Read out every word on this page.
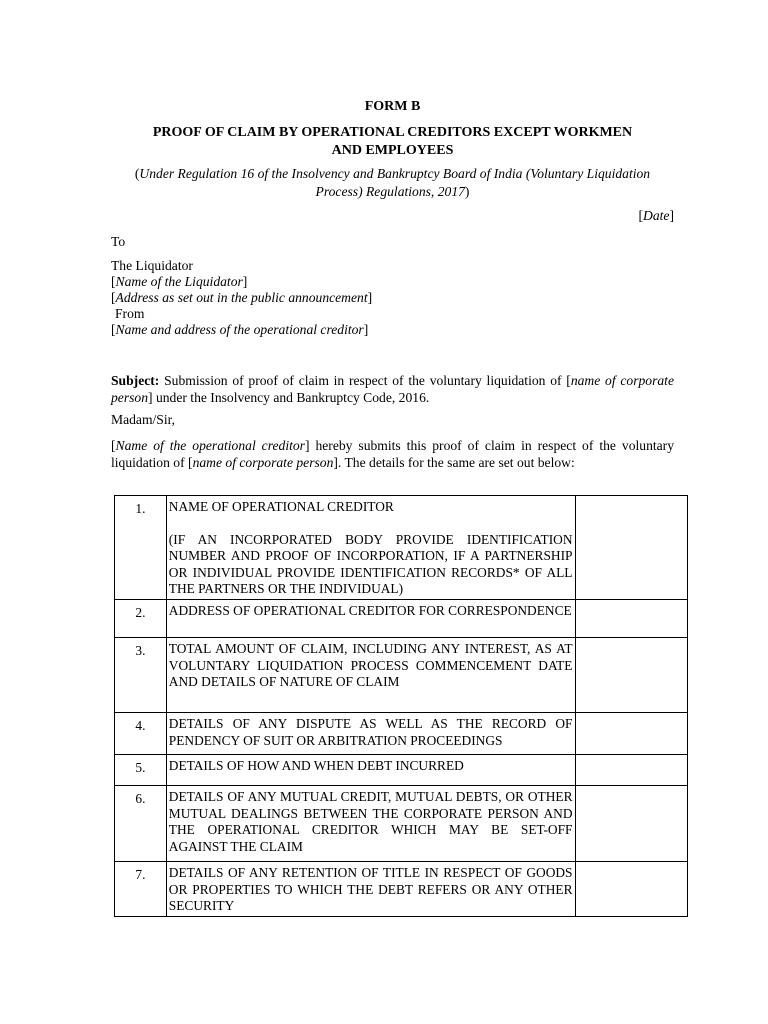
FORM B
PROOF OF CLAIM BY OPERATIONAL CREDITORS EXCEPT WORKMEN AND EMPLOYEES
(Under Regulation 16 of the Insolvency and Bankruptcy Board of India (Voluntary Liquidation Process) Regulations, 2017)
[Date]
To
The Liquidator
[Name of the Liquidator]
[Address as set out in the public announcement]
From
[Name and address of the operational creditor]
Subject: Submission of proof of claim in respect of the voluntary liquidation of [name of corporate person] under the Insolvency and Bankruptcy Code, 2016.
Madam/Sir,
[Name of the operational creditor] hereby submits this proof of claim in respect of the voluntary liquidation of [name of corporate person]. The details for the same are set out below:
1.	NAME OF OPERATIONAL CREDITOR
(IF AN INCORPORATED BODY PROVIDE IDENTIFICATION NUMBER AND PROOF OF INCORPORATION, IF A PARTNERSHIP OR INDIVIDUAL PROVIDE IDENTIFICATION RECORDS* OF ALL THE PARTNERS OR THE INDIVIDUAL)	
2.	ADDRESS OF OPERATIONAL CREDITOR FOR CORRESPONDENCE	
3.	TOTAL AMOUNT OF CLAIM, INCLUDING ANY INTEREST, AS AT VOLUNTARY LIQUIDATION PROCESS COMMENCEMENT DATE AND DETAILS OF NATURE OF CLAIM	
4.	DETAILS OF ANY DISPUTE AS WELL AS THE RECORD OF PENDENCY OF SUIT OR ARBITRATION PROCEEDINGS	
5.	DETAILS OF HOW AND WHEN DEBT INCURRED	
6.	DETAILS OF ANY MUTUAL CREDIT, MUTUAL DEBTS, OR OTHER MUTUAL DEALINGS BETWEEN THE CORPORATE PERSON AND THE OPERATIONAL CREDITOR WHICH MAY BE SET-OFF AGAINST THE CLAIM	
7.	DETAILS OF ANY RETENTION OF TITLE IN RESPECT OF GOODS OR PROPERTIES TO WHICH THE DEBT REFERS OR ANY OTHER SECURITY	
